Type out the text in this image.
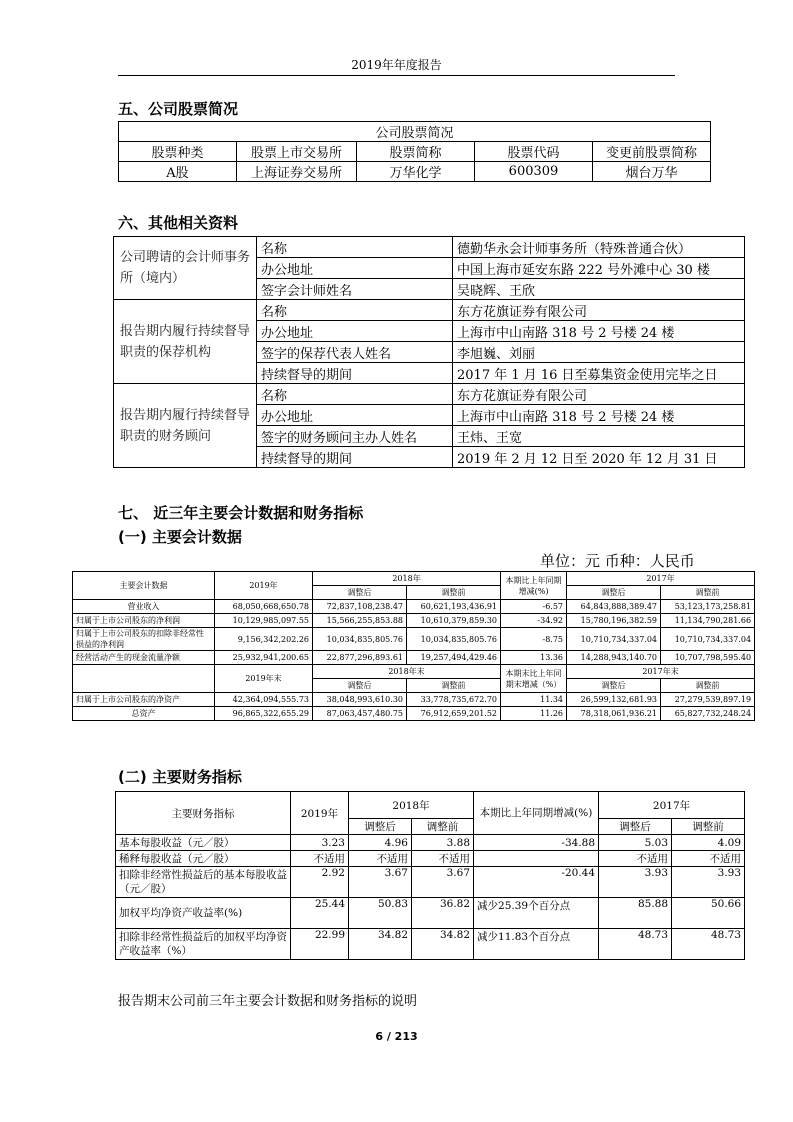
2019年年度报告
五、公司股票简况
公司股票简况				
股票种类	股票上市交易所	股票简称	股票代码	变更前股票简称
A股	上海证券交易所	万华化学	600309	烟台万华
六、其他相关资料
公司聘请的会计师事务所（境内）	名称	德勤华永会计师事务所（特殊普通合伙）
	办公地址	中国上海市延安东路 222 号外滩中心 30 楼
	签字会计师姓名	吴晓辉、王欣
报告期内履行持续督导职责的保荐机构	名称	东方花旗证券有限公司
	办公地址	上海市中山南路 318 号 2 号楼 24 楼
	签字的保荐代表人姓名	李旭巍、刘丽
	持续督导的期间	2017 年 1 月 16 日至募集资金使用完毕之日
报告期内履行持续督导职责的财务顾问	名称	东方花旗证券有限公司
	办公地址	上海市中山南路 318 号 2 号楼 24 楼
	签字的财务顾问主办人姓名	王炜、王宽
	持续督导的期间	2019 年 2 月 12 日至 2020 年 12 月 31 日
七、 近三年主要会计数据和财务指标
(一) 主要会计数据
单位：元 币种：人民币
主要会计数据	2019年	2018年		本期比上年同期增减(%)	2017年	
		调整后	调整前		调整后	调整前
营业收入	68,050,668,650.78	72,837,108,238.47	60,621,193,436.91	-6.57	64,843,888,389.47	53,123,173,258.81
归属于上市公司股东的净利润	10,129,985,097.55	15,566,255,853.88	10,610,379,859.30	-34.92	15,780,196,382.59	11,134,790,281.66
归属于上市公司股东的扣除非经常性损益的净利润	9,156,342,202.26	10,034,835,805.76	10,034,835,805.76	-8.75	10,710,734,337.04	10,710,734,337.04
经营活动产生的现金流量净额	25,932,941,200.65	22,877,296,893.61	19,257,494,429.46	13.36	14,288,943,140.70	10,707,798,595.40
	2019年末	2018年末		本期末比上年同期末增减（%）	2017年末	
		调整后	调整前		调整后	调整前
归属于上市公司股东的净资产	42,364,094,555.73	38,048,993,610.30	33,778,735,672.70	11.34	26,599,132,681.93	27,279,539,897.19
总资产	96,865,322,655.29	87,063,457,480.75	76,912,659,201.52	11.26	78,318,061,936.21	65,827,732,248.24
(二) 主要财务指标
主要财务指标	2019年	2018年		本期比上年同期增减(%)	2017年	
		调整后	调整前		调整后	调整前
基本每股收益（元／股）	3.23	4.96	3.88	-34.88	5.03	4.09
稀释每股收益（元／股）	不适用	不适用	不适用		不适用	不适用
扣除非经常性损益后的基本每股收益（元／股）	2.92	3.67	3.67	-20.44	3.93	3.93
加权平均净资产收益率(%)	25.44	50.83	36.82	减少25.39个百分点	85.88	50.66
扣除非经常性损益后的加权平均净资产收益率（%）	22.99	34.82	34.82	减少11.83个百分点	48.73	48.73
报告期末公司前三年主要会计数据和财务指标的说明
6 / 213
